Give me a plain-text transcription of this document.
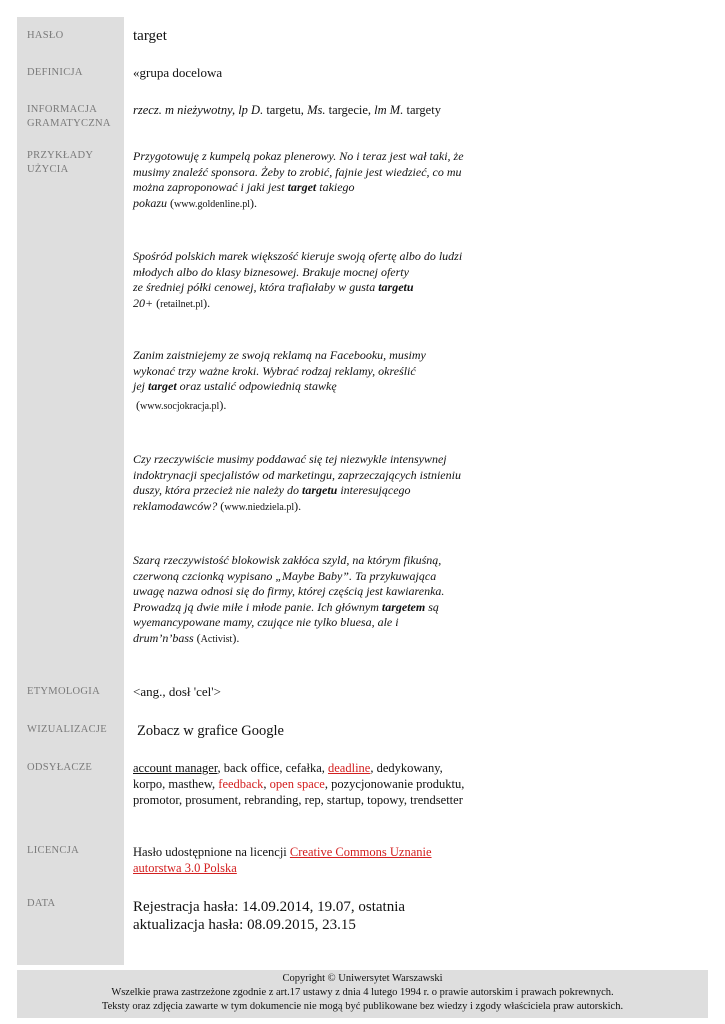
HASŁO
DEFINICJA
INFORMACJA
GRAMATYCZNA
PRZYKŁADY
UŻYCIA
ETYMOLOGIA
WIZUALIZACJE
ODSYŁACZE
LICENCJA
DATA
target
«grupa docelowa
rzecz. m nieżywotny, lp D. targetu, Ms. targecie, lm M. targety
Przygotowuję z kumpelą pokaz plenerowy. No i teraz jest wał taki, że
musimy znaleźć sponsora. Żeby to zrobić, fajnie jest wiedzieć, co mu
można zaproponować i jaki jest target takiego
pokazu (www.goldenline.pl).
Spośród polskich marek większość kieruje swoją ofertę albo do ludzi
młodych albo do klasy biznesowej. Brakuje mocnej oferty
ze średniej półki cenowej, która trafiałaby w gusta targetu
20+ (retailnet.pl).
Zanim zaistniejemy ze swoją reklamą na Facebooku, musimy
wykonać trzy ważne kroki. Wybrać rodzaj reklamy, określić
jej target oraz ustalić odpowiednią stawkę
(www.socjokracja.pl).
Czy rzeczywiście musimy poddawać się tej niezwykle intensywnej
indoktrynacji specjalistów od marketingu, zaprzeczających istnieniu
duszy, która przecież nie należy do targetu interesującego
reklamodawców? (www.niedziela.pl).
Szarą rzeczywistość blokowisk zakłóca szyld, na którym fikuśną,
czerwoną czcionką wypisano „Maybe Baby”. Ta przykuwająca
uwagę nazwa odnosi się do firmy, której częścią jest kawiarenka.
Prowadzą ją dwie miłe i młode panie. Ich głównym targetem są
wyemancypowane mamy, czujące nie tylko bluesa, ale i
drum’n’bass (Activist).
<ang., dosł 'cel'>
Zobacz w grafice Google
account manager, back office, cefałka, deadline, dedykowany,
korpo, masthew, feedback, open space, pozycjonowanie produktu,
promotor, prosument, rebranding, rep, startup, topowy, trendsetter
Hasło udostępnione na licencji Creative Commons Uznanie
autorstwa 3.0 Polska
Rejestracja hasła: 14.09.2014, 19.07, ostatnia
aktualizacja hasła: 08.09.2015, 23.15
Copyright © Uniwersytet Warszawski
Wszelkie prawa zastrzeżone zgodnie z art.17 ustawy z dnia 4 lutego 1994 r. o prawie autorskim i prawach pokrewnych.
Teksty oraz zdjęcia zawarte w tym dokumencie nie mogą być publikowane bez wiedzy i zgody właściciela praw autorskich.
